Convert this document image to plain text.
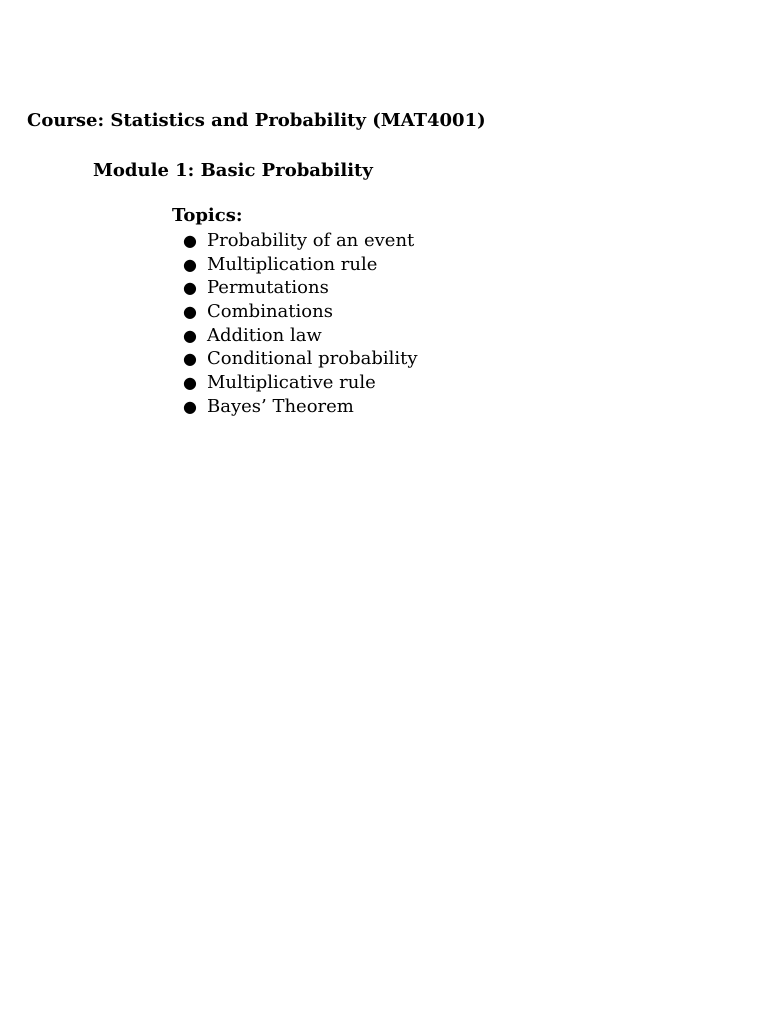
Course: Statistics and Probability (MAT4001)
Module 1: Basic Probability
Topics:
● Probability of an event
● Multiplication rule
● Permutations
● Combinations
● Addition law
● Conditional probability
● Multiplicative rule
● Bayes’ Theorem
